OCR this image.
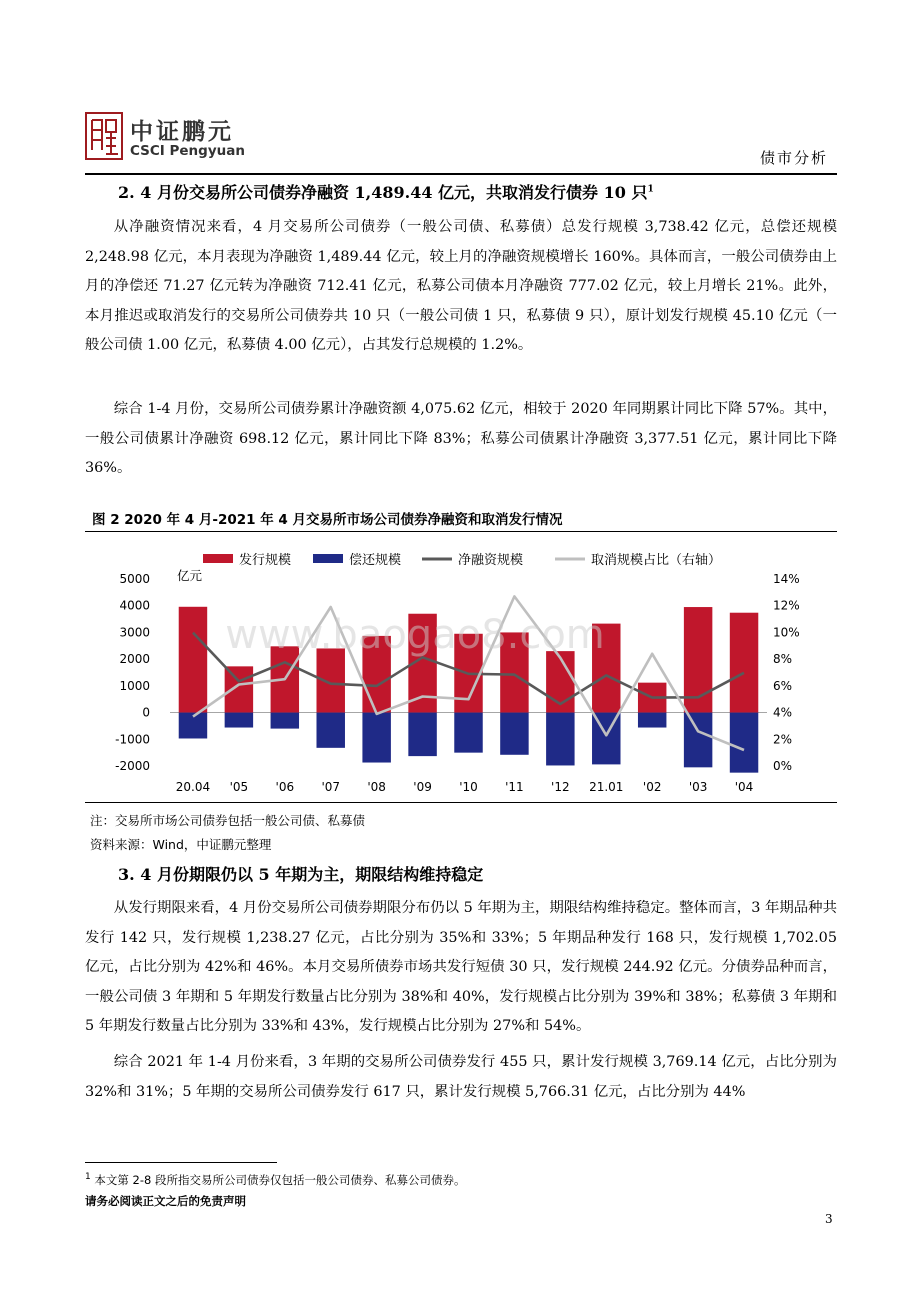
中证鹏元
CSCI Pengyuan	债市分析
2. 4 月份交易所公司债券净融资 1,489.44 亿元，共取消发行债券 10 只$^1$

从净融资情况来看，4 月交易所公司债券（一般公司债、私募债）总发行规模 3,738.42 亿元，总偿还规模 2,248.98 亿元，本月表现为净融资 1,489.44 亿元，较上月的净融资规模增长 160%。具体而言，一般公司债券由上月的净偿还 71.27 亿元转为净融资 712.41 亿元，私募公司债本月净融资 777.02 亿元，较上月增长 21%。此外，本月推迟或取消发行的交易所公司债券共 10 只（一般公司债 1 只，私募债 9 只），原计划发行规模 45.10 亿元（一般公司债 1.00 亿元，私募债 4.00 亿元），占其发行总规模的 1.2%。

综合 1-4 月份，交易所公司债券累计净融资额 4,075.62 亿元，相较于 2020 年同期累计同比下降 57%。其中，一般公司债累计净融资 698.12 亿元，累计同比下降 83%；私募公司债累计净融资 3,377.51 亿元，累计同比下降 36%。

图 2 2020 年 4 月-2021 年 4 月交易所市场公司债券净融资和取消发行情况
发行规模	偿还规模	净融资规模	取消规模占比（右轴）
5000
4000
3000
2000
1000
0
-1000
-2000
亿元	14%
12%
10%
8%
6%
4%
2%
0%
20.04 '05 '06 '07 '08 '09 '10 '11 '12 21.01 '02 '03 '04
www.baogao8.com
注：交易所市场公司债券包括一般公司债、私募债
资料来源：Wind，中证鹏元整理
3. 4 月份期限仍以 5 年期为主，期限结构维持稳定

从发行期限来看，4 月份交易所公司债券期限分布仍以 5 年期为主，期限结构维持稳定。整体而言，3 年期品种共发行 142 只，发行规模 1,238.27 亿元，占比分别为 35%和 33%；5 年期品种发行 168 只，发行规模 1,702.05 亿元，占比分别为 42%和 46%。本月交易所债券市场共发行短债 30 只，发行规模 244.92 亿元。分债券品种而言，一般公司债 3 年期和 5 年期发行数量占比分别为 38%和 40%，发行规模占比分别为 39%和 38%；私募债 3 年期和 5 年期发行数量占比分别为 33%和 43%，发行规模占比分别为 27%和 54%。

综合 2021 年 1-4 月份来看，3 年期的交易所公司债券发行 455 只，累计发行规模 3,769.14 亿元，占比分别为 32%和 31%；5 年期的交易所公司债券发行 617 只，累计发行规模 5,766.31 亿元，占比分别为 44%

$^1$ 本文第 2-8 段所指交易所公司债券仅包括一般公司债券、私募公司债券。
请务必阅读正文之后的免责声明
3
